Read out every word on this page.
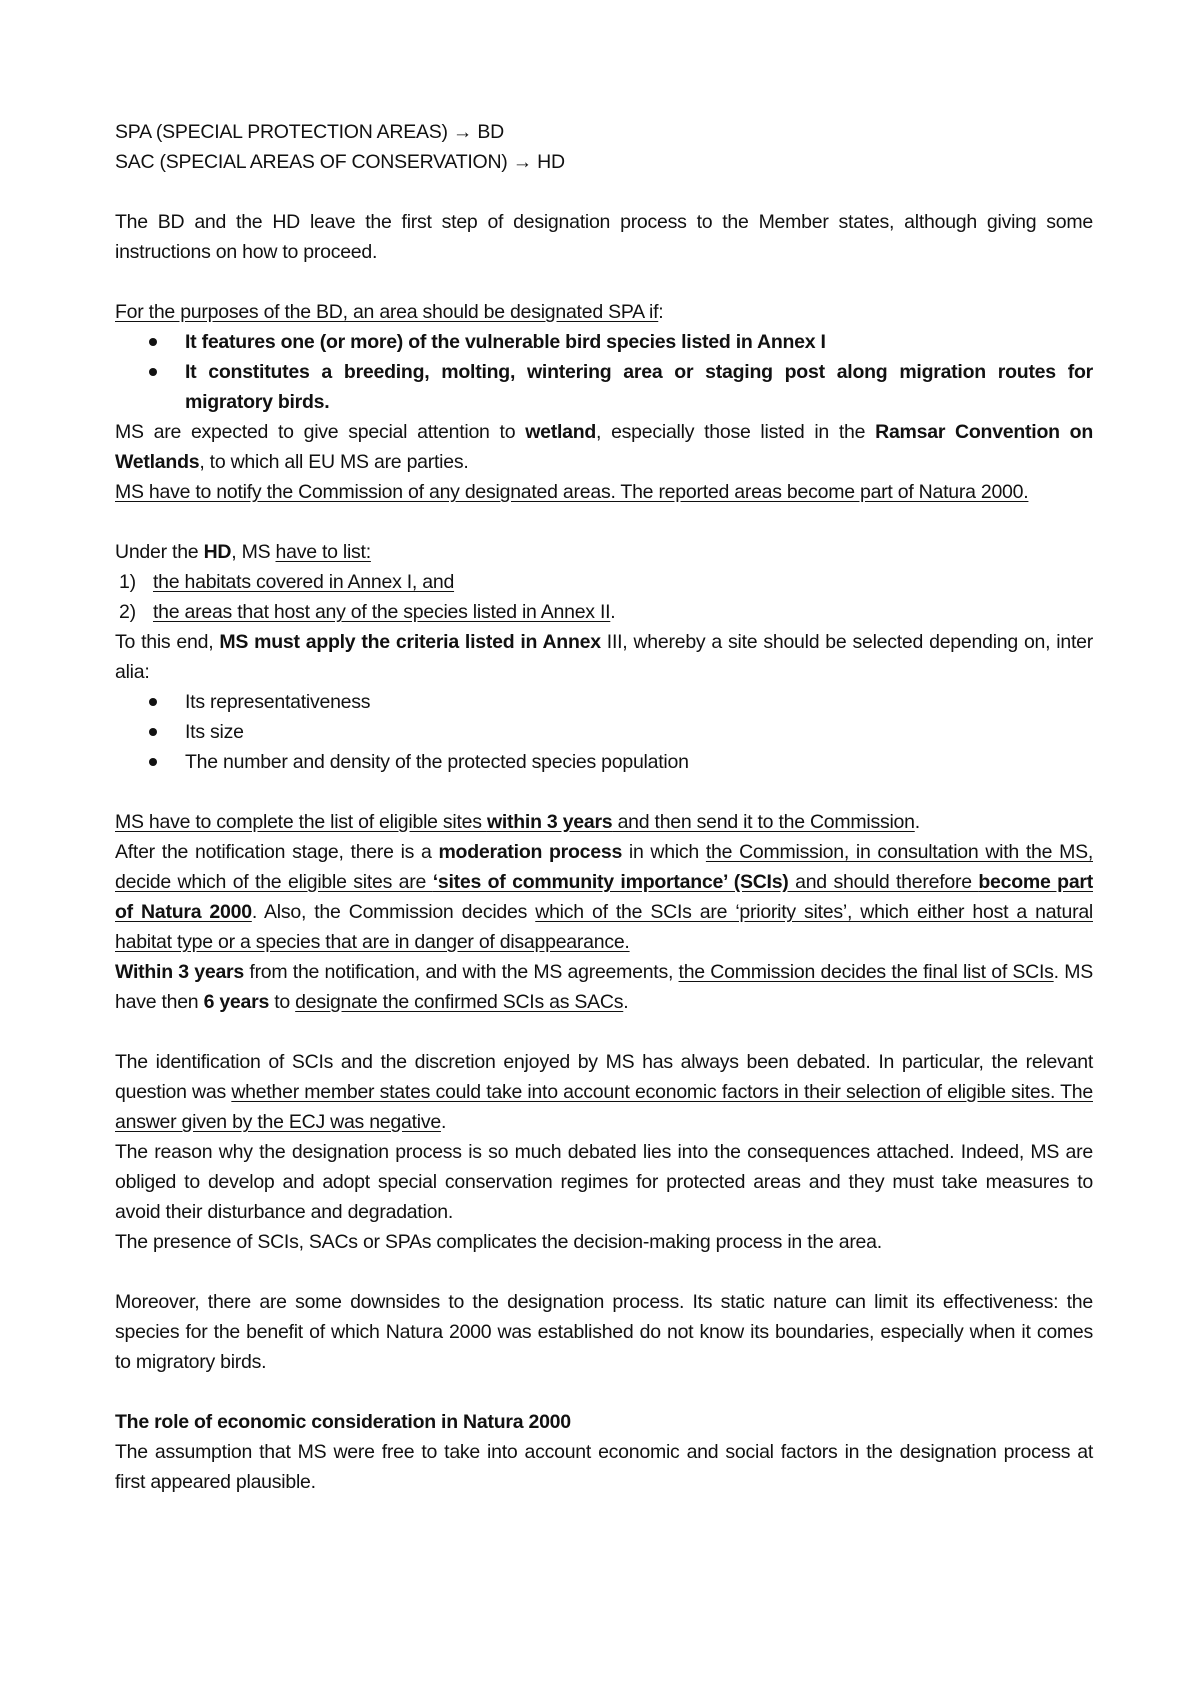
SPA (SPECIAL PROTECTION AREAS) → BD

SAC (SPECIAL AREAS OF CONSERVATION) → HD

The BD and the HD leave the first step of designation process to the Member states, although giving some instructions on how to proceed.

For the purposes of the BD, an area should be designated SPA if:

It features one (or more) of the vulnerable bird species listed in Annex I
It constitutes a breeding, molting, wintering area or staging post along migration routes for migratory birds.

MS are expected to give special attention to wetland, especially those listed in the Ramsar Convention on Wetlands, to which all EU MS are parties.

MS have to notify the Commission of any designated areas. The reported areas become part of Natura 2000.

Under the HD, MS have to list:

1) the habitats covered in Annex I, and

2) the areas that host any of the species listed in Annex II.

To this end, MS must apply the criteria listed in Annex III, whereby a site should be selected depending on, inter alia:

Its representativeness
Its size
The number and density of the protected species population

MS have to complete the list of eligible sites within 3 years and then send it to the Commission.

After the notification stage, there is a moderation process in which the Commission, in consultation with the MS, decide which of the eligible sites are ‘sites of community importance’ (SCIs) and should therefore become part of Natura 2000. Also, the Commission decides which of the SCIs are ‘priority sites’, which either host a natural habitat type or a species that are in danger of disappearance.

Within 3 years from the notification, and with the MS agreements, the Commission decides the final list of SCIs. MS have then 6 years to designate the confirmed SCIs as SACs.

The identification of SCIs and the discretion enjoyed by MS has always been debated. In particular, the relevant question was whether member states could take into account economic factors in their selection of eligible sites. The answer given by the ECJ was negative.

The reason why the designation process is so much debated lies into the consequences attached. Indeed, MS are obliged to develop and adopt special conservation regimes for protected areas and they must take measures to avoid their disturbance and degradation.

The presence of SCIs, SACs or SPAs complicates the decision-making process in the area.

Moreover, there are some downsides to the designation process. Its static nature can limit its effectiveness: the species for the benefit of which Natura 2000 was established do not know its boundaries, especially when it comes to migratory birds.

The role of economic consideration in Natura 2000

The assumption that MS were free to take into account economic and social factors in the designation process at first appeared plausible.
